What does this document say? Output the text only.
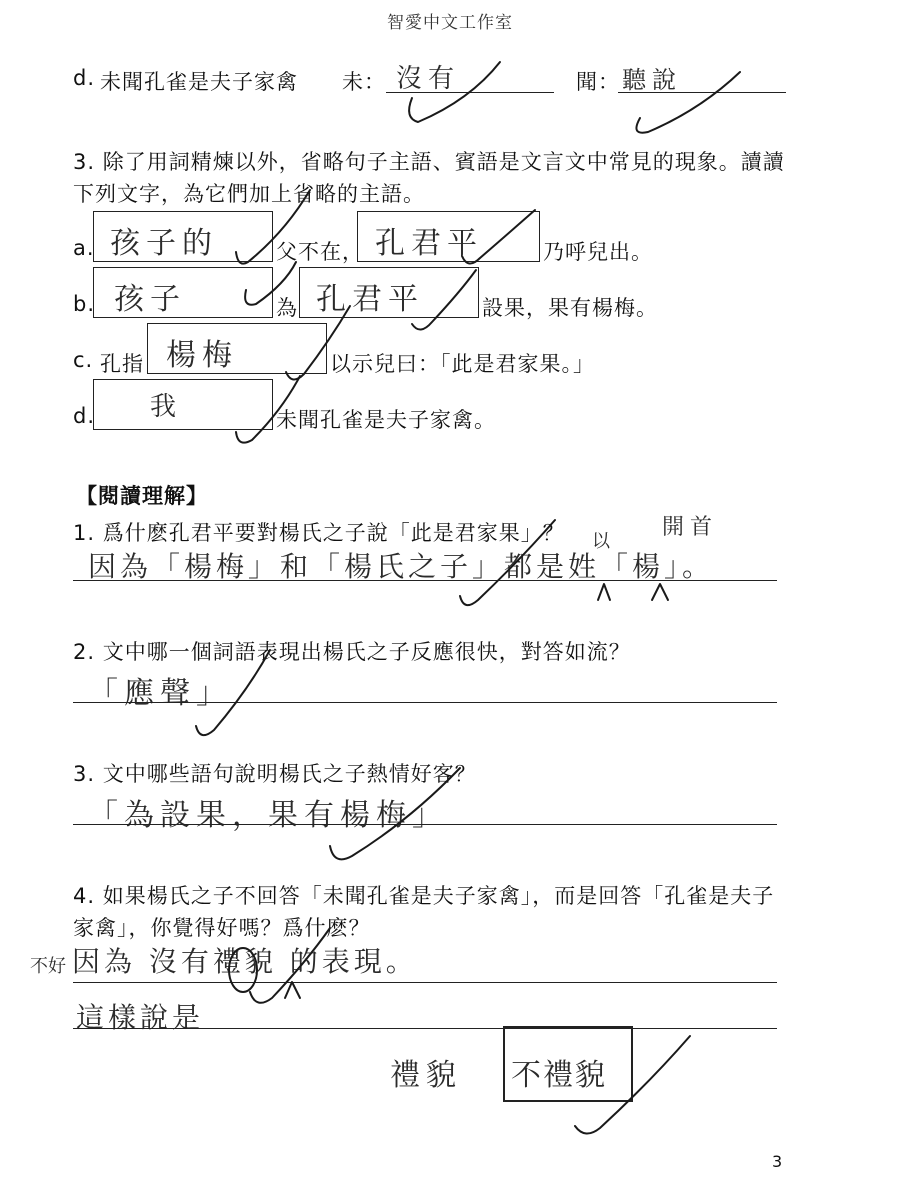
智愛中文工作室
d. 未聞孔雀是夫子家禽 未： 沒有	聞： 聽說
3. 除了用詞精煉以外，省略句子主語、賓語是文言文中常見的現象。讀讀
下列文字，為它們加上省略的主語。
a. 孩子的	父不在， 孔君平	乃呼兒出。
b. 孩子	為 孔君平	設果，果有楊梅。
c. 孔指 楊梅	以示兒曰：「此是君家果。」
d. 我	未聞孔雀是夫子家禽。
【閱讀理解】
1. 爲什麽孔君平要對楊氏之子說「此是君家果」？	開首
以
因為「楊梅」和「楊氏之子」都是姓「楊」。
2. 文中哪一個詞語表現出楊氏之子反應很快，對答如流？
「應聲」
3. 文中哪些語句說明楊氏之子熱情好客？
「為設果，果有楊梅」
4. 如果楊氏之子不回答「未聞孔雀是夫子家禽」，而是回答「孔雀是夫子
家禽」，你覺得好嗎？爲什麽？
不好 因為 沒有禮貌 的表現。
這樣說是
禮貌 不禮貌
3
